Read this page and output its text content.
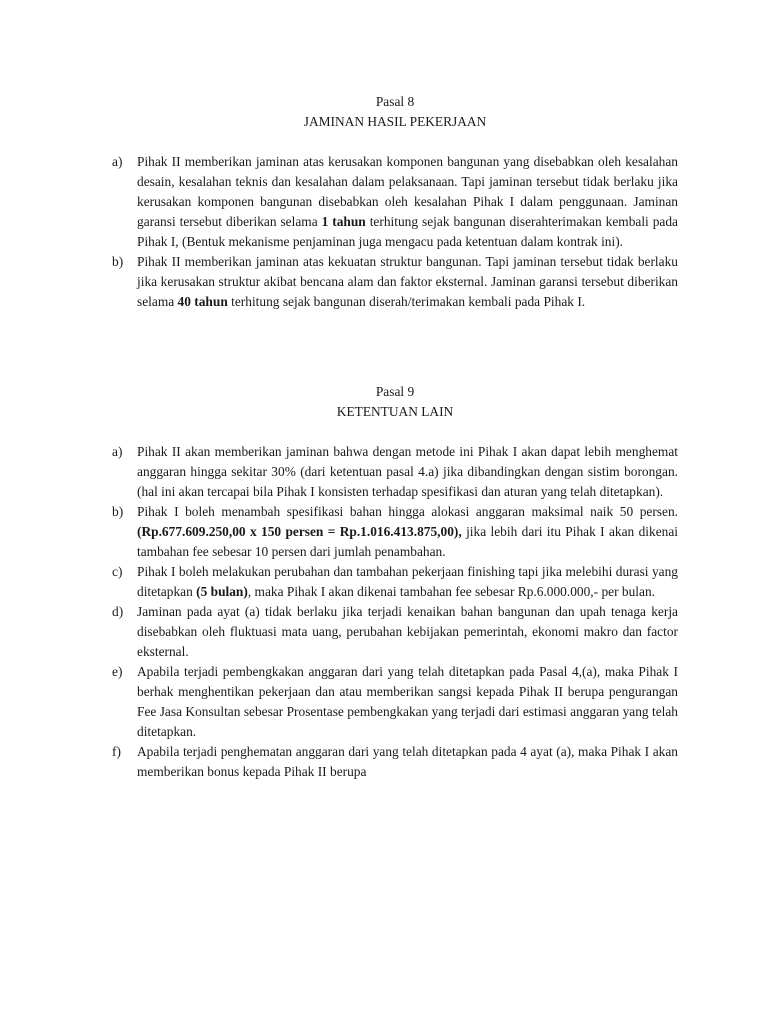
Pasal 8
JAMINAN HASIL PEKERJAAN
a) Pihak II memberikan jaminan atas kerusakan komponen bangunan yang disebabkan oleh kesalahan desain, kesalahan teknis dan kesalahan dalam pelaksanaan. Tapi jaminan tersebut tidak berlaku jika kerusakan komponen bangunan disebabkan oleh kesalahan Pihak I dalam penggunaan. Jaminan garansi tersebut diberikan selama 1 tahun terhitung sejak bangunan diserahterimakan kembali pada Pihak I, (Bentuk mekanisme penjaminan juga mengacu pada ketentuan dalam kontrak ini).
b) Pihak II memberikan jaminan atas kekuatan struktur bangunan. Tapi jaminan tersebut tidak berlaku jika kerusakan struktur akibat bencana alam dan faktor eksternal. Jaminan garansi tersebut diberikan selama 40 tahun terhitung sejak bangunan diserah/terimakan kembali pada Pihak I.
Pasal 9
KETENTUAN LAIN
a) Pihak II akan memberikan jaminan bahwa dengan metode ini Pihak I akan dapat lebih menghemat anggaran hingga sekitar 30% (dari ketentuan pasal 4.a) jika dibandingkan dengan sistim borongan. (hal ini akan tercapai bila Pihak I konsisten terhadap spesifikasi dan aturan yang telah ditetapkan).
b) Pihak I boleh menambah spesifikasi bahan hingga alokasi anggaran maksimal naik 50 persen. (Rp.677.609.250,00 x 150 persen = Rp.1.016.413.875,00), jika lebih dari itu Pihak I akan dikenai tambahan fee sebesar 10 persen dari jumlah penambahan.
c) Pihak I boleh melakukan perubahan dan tambahan pekerjaan finishing tapi jika melebihi durasi yang ditetapkan (5 bulan), maka Pihak I akan dikenai tambahan fee sebesar Rp.6.000.000,- per bulan.
d) Jaminan pada ayat (a) tidak berlaku jika terjadi kenaikan bahan bangunan dan upah tenaga kerja disebabkan oleh fluktuasi mata uang, perubahan kebijakan pemerintah, ekonomi makro dan factor eksternal.
e) Apabila terjadi pembengkakan anggaran dari yang telah ditetapkan pada Pasal 4,(a), maka Pihak I berhak menghentikan pekerjaan dan atau memberikan sangsi kepada Pihak II berupa pengurangan Fee Jasa Konsultan sebesar Prosentase pembengkakan yang terjadi dari estimasi anggaran yang telah ditetapkan.
f) Apabila terjadi penghematan anggaran dari yang telah ditetapkan pada 4 ayat (a), maka Pihak I akan memberikan bonus kepada Pihak II berupa
